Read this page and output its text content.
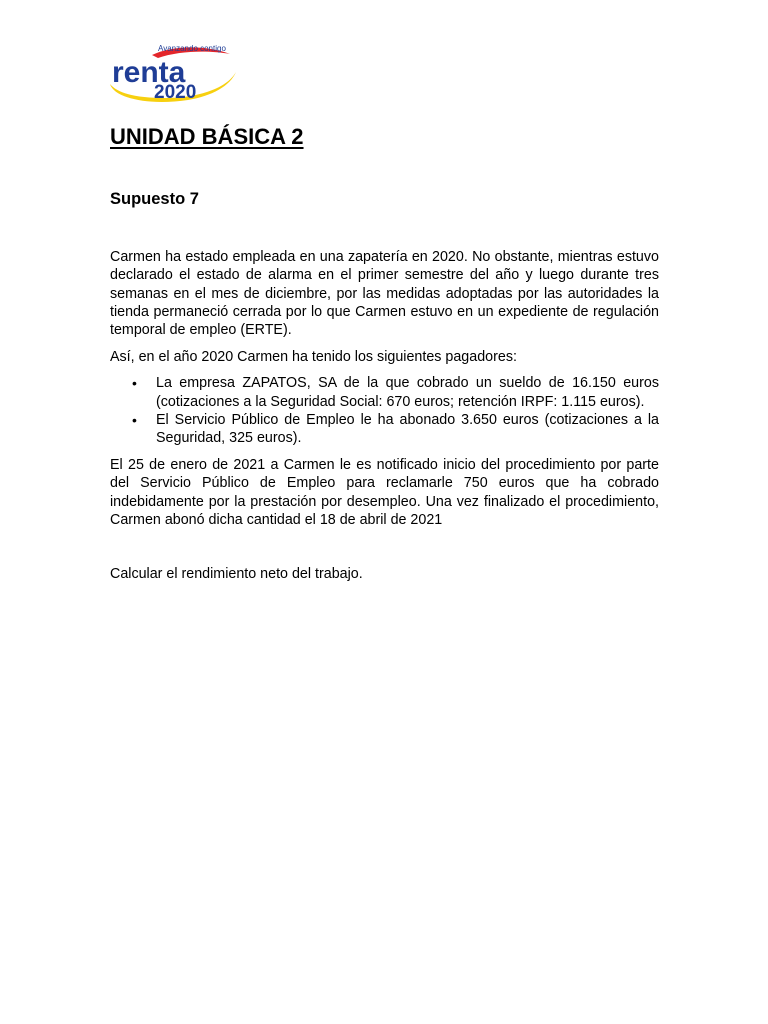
Avanzando contigo
renta
2020
UNIDAD BÁSICA 2
Supuesto 7

Carmen ha estado empleada en una zapatería en 2020. No obstante, mientras estuvo declarado el estado de alarma en el primer semestre del año y luego durante tres semanas en el mes de diciembre, por las medidas adoptadas por las autoridades la tienda permaneció cerrada por lo que Carmen estuvo en un expediente de regulación temporal de empleo (ERTE).

Así, en el año 2020 Carmen ha tenido los siguientes pagadores:

• La empresa ZAPATOS, SA de la que cobrado un sueldo de 16.150 euros (cotizaciones a la Seguridad Social: 670 euros; retención IRPF: 1.115 euros).
• El Servicio Público de Empleo le ha abonado 3.650 euros (cotizaciones a la Seguridad, 325 euros).

El 25 de enero de 2021 a Carmen le es notificado inicio del procedimiento por parte del Servicio Público de Empleo para reclamarle 750 euros que ha cobrado indebidamente por la prestación por desempleo. Una vez finalizado el procedimiento, Carmen abonó dicha cantidad el 18 de abril de 2021

Calcular el rendimiento neto del trabajo.
